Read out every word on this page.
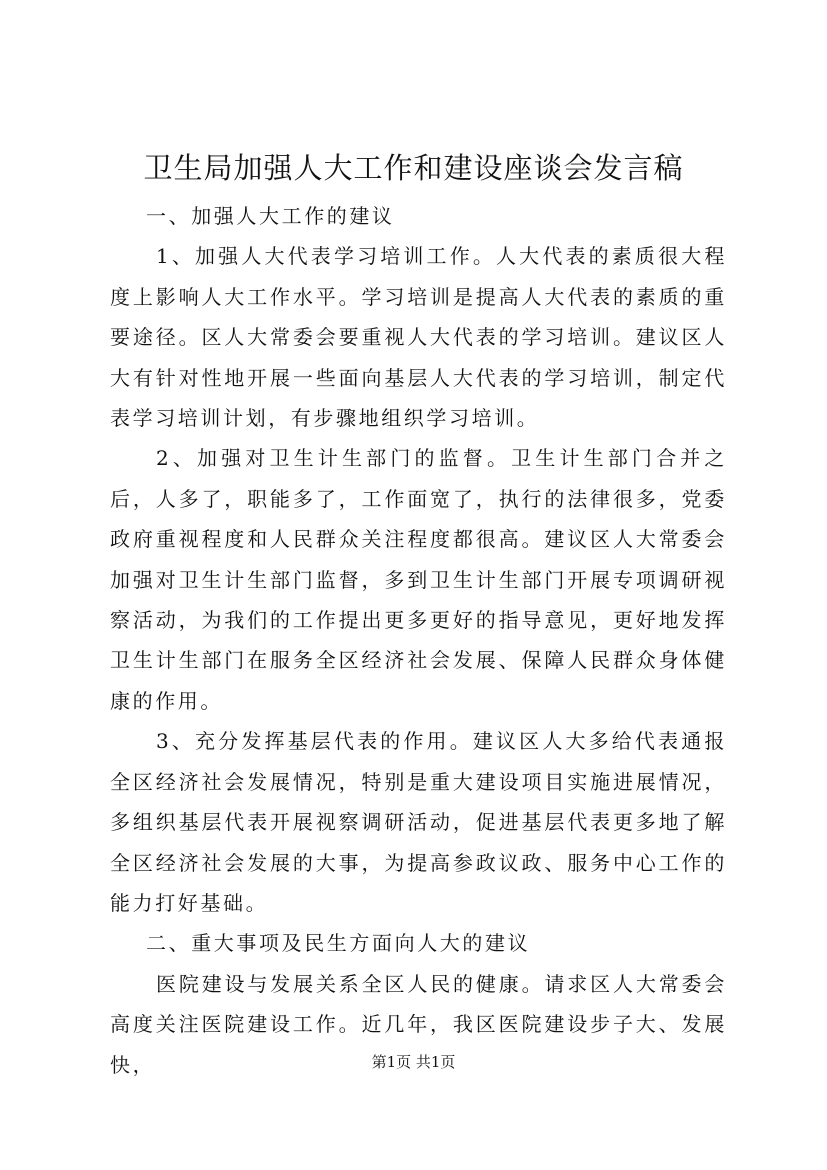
卫生局加强人大工作和建设座谈会发言稿

一、加强人大工作的建议

1、加强人大代表学习培训工作。人大代表的素质很大程度上影响人大工作水平。学习培训是提高人大代表的素质的重要途径。区人大常委会要重视人大代表的学习培训。建议区人大有针对性地开展一些面向基层人大代表的学习培训，制定代表学习培训计划，有步骤地组织学习培训。

2、加强对卫生计生部门的监督。卫生计生部门合并之后，人多了，职能多了，工作面宽了，执行的法律很多，党委政府重视程度和人民群众关注程度都很高。建议区人大常委会加强对卫生计生部门监督，多到卫生计生部门开展专项调研视察活动，为我们的工作提出更多更好的指导意见，更好地发挥卫生计生部门在服务全区经济社会发展、保障人民群众身体健康的作用。

3、充分发挥基层代表的作用。建议区人大多给代表通报全区经济社会发展情况，特别是重大建设项目实施进展情况，多组织基层代表开展视察调研活动，促进基层代表更多地了解全区经济社会发展的大事，为提高参政议政、服务中心工作的能力打好基础。

二、重大事项及民生方面向人大的建议

医院建设与发展关系全区人民的健康。请求区人大常委会高度关注医院建设工作。近几年，我区医院建设步子大、发展快，	第1页 共1页
